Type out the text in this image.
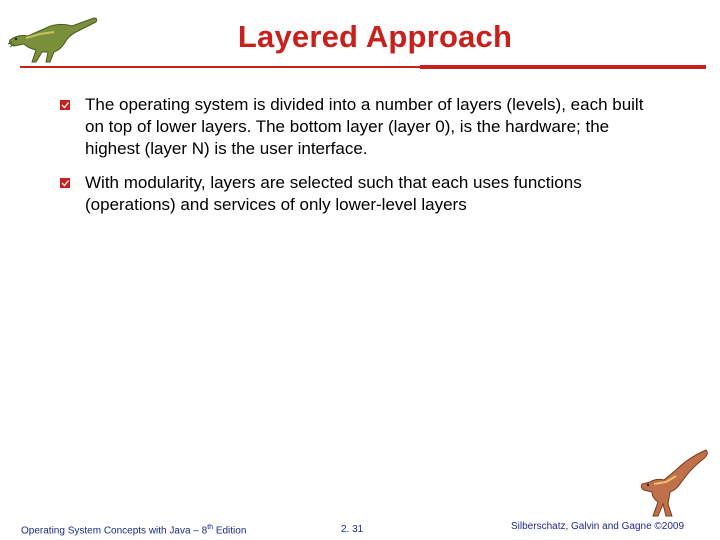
Layered Approach
The operating system is divided into a number of layers (levels), each built on top of lower layers. The bottom layer (layer 0), is the hardware; the highest (layer N) is the user interface.
With modularity, layers are selected such that each uses functions (operations) and services of only lower-level layers
Operating System Concepts with Java – 8th Edition	2. 31	Silberschatz, Galvin and Gagne ©2009
